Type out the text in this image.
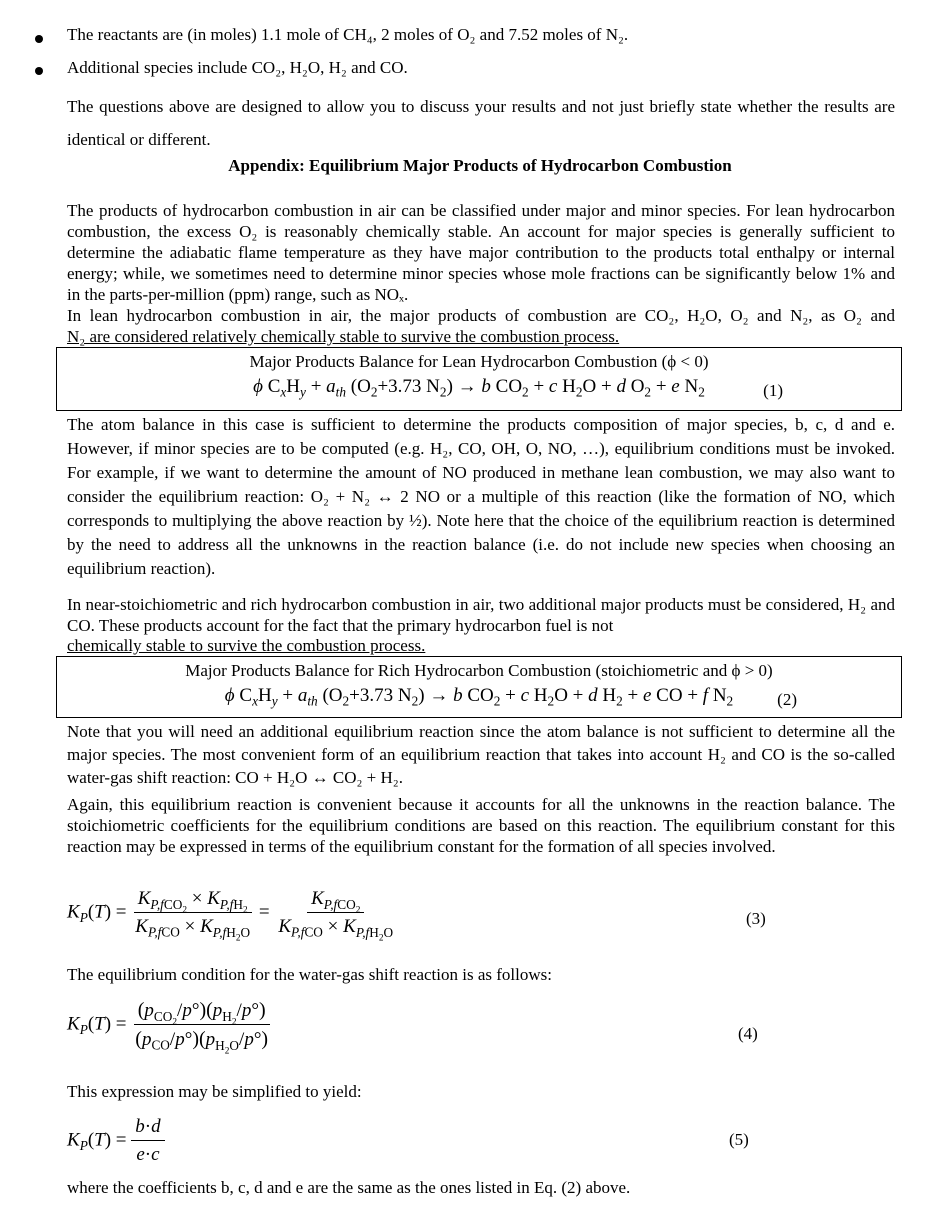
The reactants are (in moles) 1.1 mole of CH₄, 2 moles of O₂ and 7.52 moles of N₂.
Additional species include CO₂, H₂O, H₂ and CO.
The questions above are designed to allow you to discuss your results and not just briefly state whether the results are identical or different.
Appendix: Equilibrium Major Products of Hydrocarbon Combustion
The products of hydrocarbon combustion in air can be classified under major and minor species. For lean hydrocarbon combustion, the excess O₂ is reasonably chemically stable. An account for major species is generally sufficient to determine the adiabatic flame temperature as they have major contribution to the products total enthalpy or internal energy; while, we sometimes need to determine minor species whose mole fractions can be significantly below 1% and in the parts-per-million (ppm) range, such as NOₓ.
In lean hydrocarbon combustion in air, the major products of combustion are CO₂, H₂O, O₂ and N₂, as O₂ and
N₂ are considered relatively chemically stable to survive the combustion process.
Major Products Balance for Lean Hydrocarbon Combustion (ϕ < 0)
ϕ $C_xH_y + a_{th}$ ($O_2+3.73$ $N_2) \to b$ $CO_2 + c$ $H_2O + d$ $O_2 + e$ $N_2$	(1)
The atom balance in this case is sufficient to determine the products composition of major species, b, c, d and e. However, if minor species are to be computed (e.g. H₂, CO, OH, O, NO, …), equilibrium conditions must be invoked. For example, if we want to determine the amount of NO produced in methane lean combustion, we may also want to consider the equilibrium reaction: O₂ + N₂ ↔ 2 NO or a multiple of this reaction (like the formation of NO, which corresponds to multiplying the above reaction by ½). Note here that the choice of the equilibrium reaction is determined by the need to address all the unknowns in the reaction balance (i.e. do not include new species when choosing an equilibrium reaction).
In near-stoichiometric and rich hydrocarbon combustion in air, two additional major products must be considered, H₂ and CO. These products account for the fact that the primary hydrocarbon fuel is not
chemically stable to survive the combustion process.
Major Products Balance for Rich Hydrocarbon Combustion (stoichiometric and ϕ > 0)
ϕ $C_xH_y + a_{th}$ ($O_2+3.73$ $N_2) \to b$ $CO_2 + c$ $H_2O + d$ $H_2 + e$ CO + f $N_2$	(2)
Note that you will need an additional equilibrium reaction since the atom balance is not sufficient to determine all the major species. The most convenient form of an equilibrium reaction that takes into account H₂ and CO is the so-called water-gas shift reaction: CO + H₂O ↔ CO₂ + H₂.
Again, this equilibrium reaction is convenient because it accounts for all the unknowns in the reaction balance. The stoichiometric coefficients for the equilibrium conditions are based on this reaction. The equilibrium constant for this reaction may be expressed in terms of the equilibrium constant for the formation of all species involved.
$K_P(T) = \frac{K_{P,fCO_2} \times K_{P,fH_2}}{K_{P,fCO} \times K_{P,fH_2O}} = \frac{K_{P,fCO_2}}{K_{P,fCO} \times K_{P,fH_2O}}$	(3)
The equilibrium condition for the water-gas shift reaction is as follows:
$K_P(T) = \frac{(p_{CO_2}/p^\circ)(p_{H_2}/p^\circ)}{(p_{CO}/p^\circ)(p_{H_2O}/p^\circ)}$	(4)
This expression may be simplified to yield:
$K_P(T) = \frac{b\cdot d}{e\cdot c}$	(5)
where the coefficients b, c, d and e are the same as the ones listed in Eq. (2) above.
